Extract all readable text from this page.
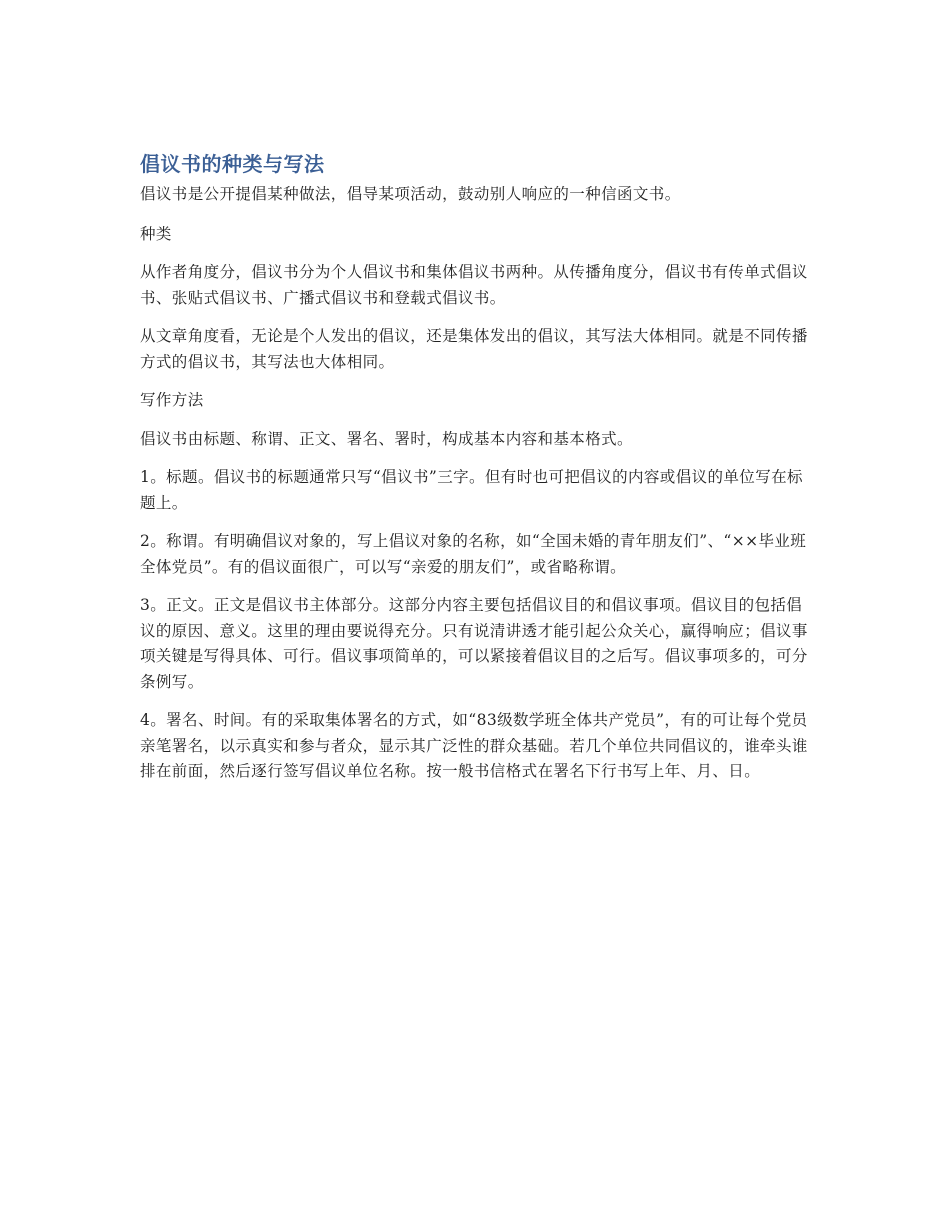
倡议书的种类与写法

倡议书是公开提倡某种做法，倡导某项活动，鼓动别人响应的一种信函文书。

种类

从作者角度分，倡议书分为个人倡议书和集体倡议书两种。从传播角度分，倡议书有传单式倡议书、张贴式倡议书、广播式倡议书和登载式倡议书。

从文章角度看，无论是个人发出的倡议，还是集体发出的倡议，其写法大体相同。就是不同传播方式的倡议书，其写法也大体相同。

写作方法

倡议书由标题、称谓、正文、署名、署时，构成基本内容和基本格式。

1。标题。倡议书的标题通常只写“倡议书”三字。但有时也可把倡议的内容或倡议的单位写在标题上。

2。称谓。有明确倡议对象的，写上倡议对象的名称，如“全国未婚的青年朋友们”、“××毕业班全体党员”。有的倡议面很广，可以写“亲爱的朋友们”，或省略称谓。

3。正文。正文是倡议书主体部分。这部分内容主要包括倡议目的和倡议事项。倡议目的包括倡议的原因、意义。这里的理由要说得充分。只有说清讲透才能引起公众关心，赢得响应；倡议事项关键是写得具体、可行。倡议事项简单的，可以紧接着倡议目的之后写。倡议事项多的，可分条例写。

4。署名、时间。有的采取集体署名的方式，如“83级数学班全体共产党员”，有的可让每个党员亲笔署名，以示真实和参与者众，显示其广泛性的群众基础。若几个单位共同倡议的，谁牵头谁排在前面，然后逐行签写倡议单位名称。按一般书信格式在署名下行书写上年、月、日。
